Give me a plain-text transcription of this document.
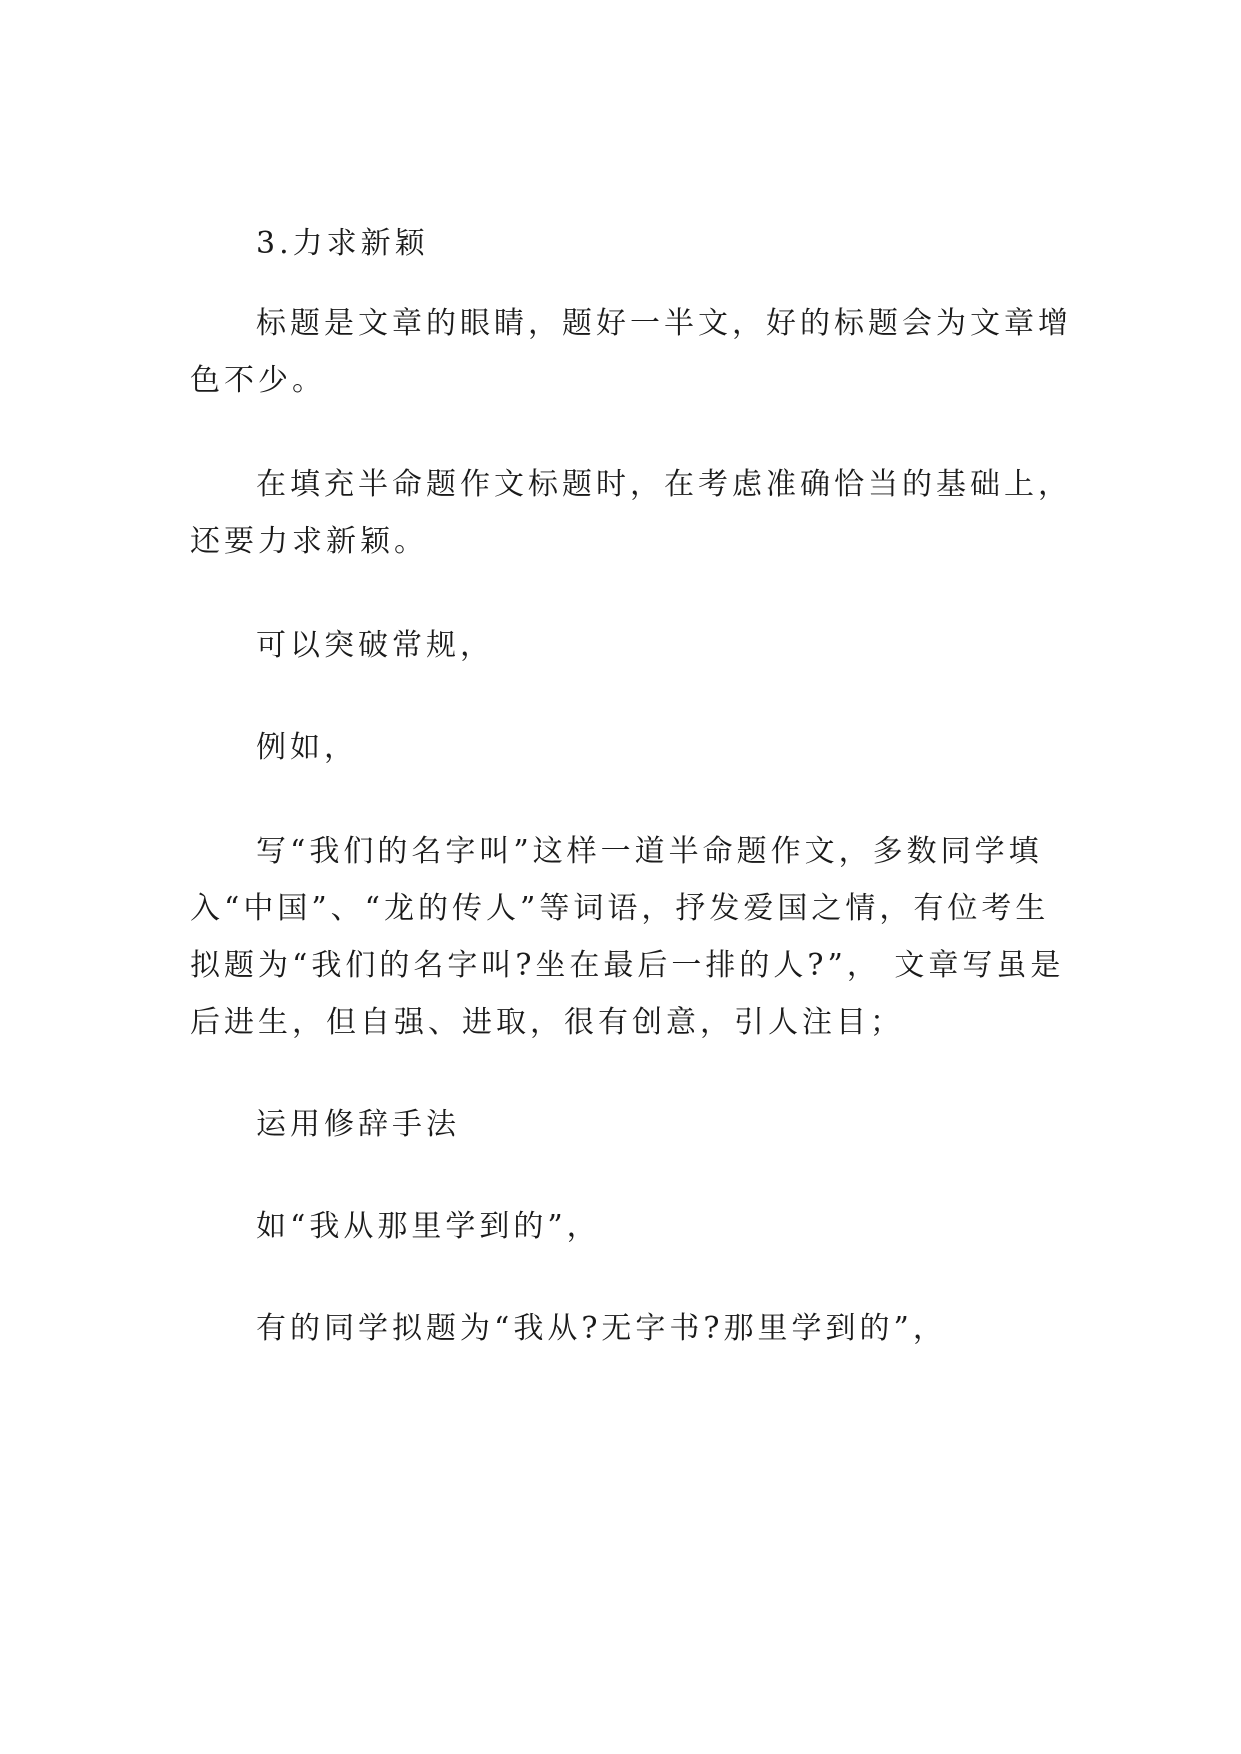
3.力求新颖

标题是文章的眼睛，题好一半文，好的标题会为文章增

色不少。

在填充半命题作文标题时，在考虑准确恰当的基础上，

还要力求新颖。

可以突破常规，

例如，

写“我们的名字叫”这样一道半命题作文，多数同学填

入“中国”、“龙的传人”等词语，抒发爱国之情，有位考生

拟题为“我们的名字叫?坐在最后一排的人?”， 文章写虽是

后进生，但自强、进取，很有创意，引人注目；

运用修辞手法

如“我从那里学到的”，

有的同学拟题为“我从?无字书?那里学到的”，
